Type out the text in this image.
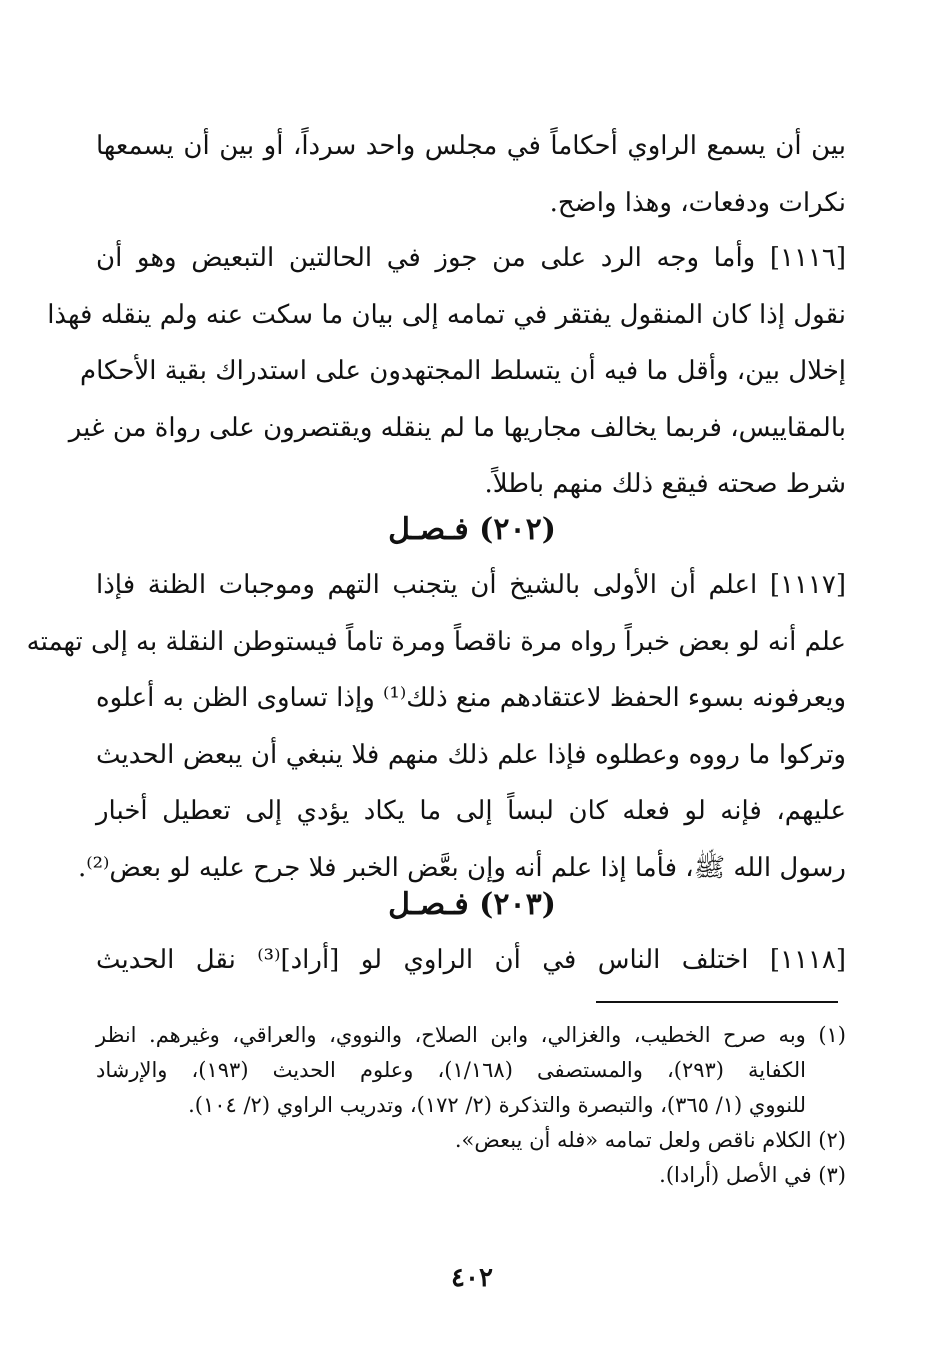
بين أن يسمع الراوي أحكاماً في مجلس واحد سرداً، أو بين أن يسمعها
نكرات ودفعات، وهذا واضح.
[١١١٦] وأما وجه الرد على من جوز في الحالتين التبعيض وهو أن
نقول إذا كان المنقول يفتقر في تمامه إلى بيان ما سكت عنه ولم ينقله فهذا
إخلال بين، وأقل ما فيه أن يتسلط المجتهدون على استدراك بقية الأحكام
بالمقاييس، فربما يخالف مجاريها ما لم ينقله ويقتصرون على رواة من غير
شرط صحته فيقع ذلك منهم باطلاً.
(٢٠٢) فـصـل
[١١١٧] اعلم أن الأولى بالشيخ أن يتجنب التهم وموجبات الظنة فإذا
علم أنه لو بعض خبراً رواه مرة ناقصاً ومرة تاماً فيستوطن النقلة به إلى تهمته
ويعرفونه بسوء الحفظ لاعتقادهم منع ذلك⁽¹⁾ وإذا تساوى الظن به أعلوه
وتركوا ما رووه وعطلوه فإذا علم ذلك منهم فلا ينبغي أن يبعض الحديث
عليهم، فإنه لو فعله كان لبساً إلى ما يكاد يؤدي إلى تعطيل أخبار
رسول الله ﷺ، فأما إذا علم أنه وإن بعَّض الخبر فلا جرح عليه لو بعض⁽²⁾.
(٢٠٣) فـصـل
[١١١٨] اختلف الناس في أن الراوي لو [أراد]⁽³⁾ نقل الحديث
(١) وبه صرح الخطيب، والغزالي، وابن الصلاح، والنووي، والعراقي، وغيرهم. انظر
الكفاية (٢٩٣)، والمستصفى (١/١٦٨)، وعلوم الحديث (١٩٣)، والإرشاد
للنووي (١/ ٣٦٥)، والتبصرة والتذكرة (٢/ ١٧٢)، وتدريب الراوي (٢/ ١٠٤).
(٢) الكلام ناقص ولعل تمامه «فله أن يبعض».
(٣) في الأصل (أرادا).
٤٠٢
